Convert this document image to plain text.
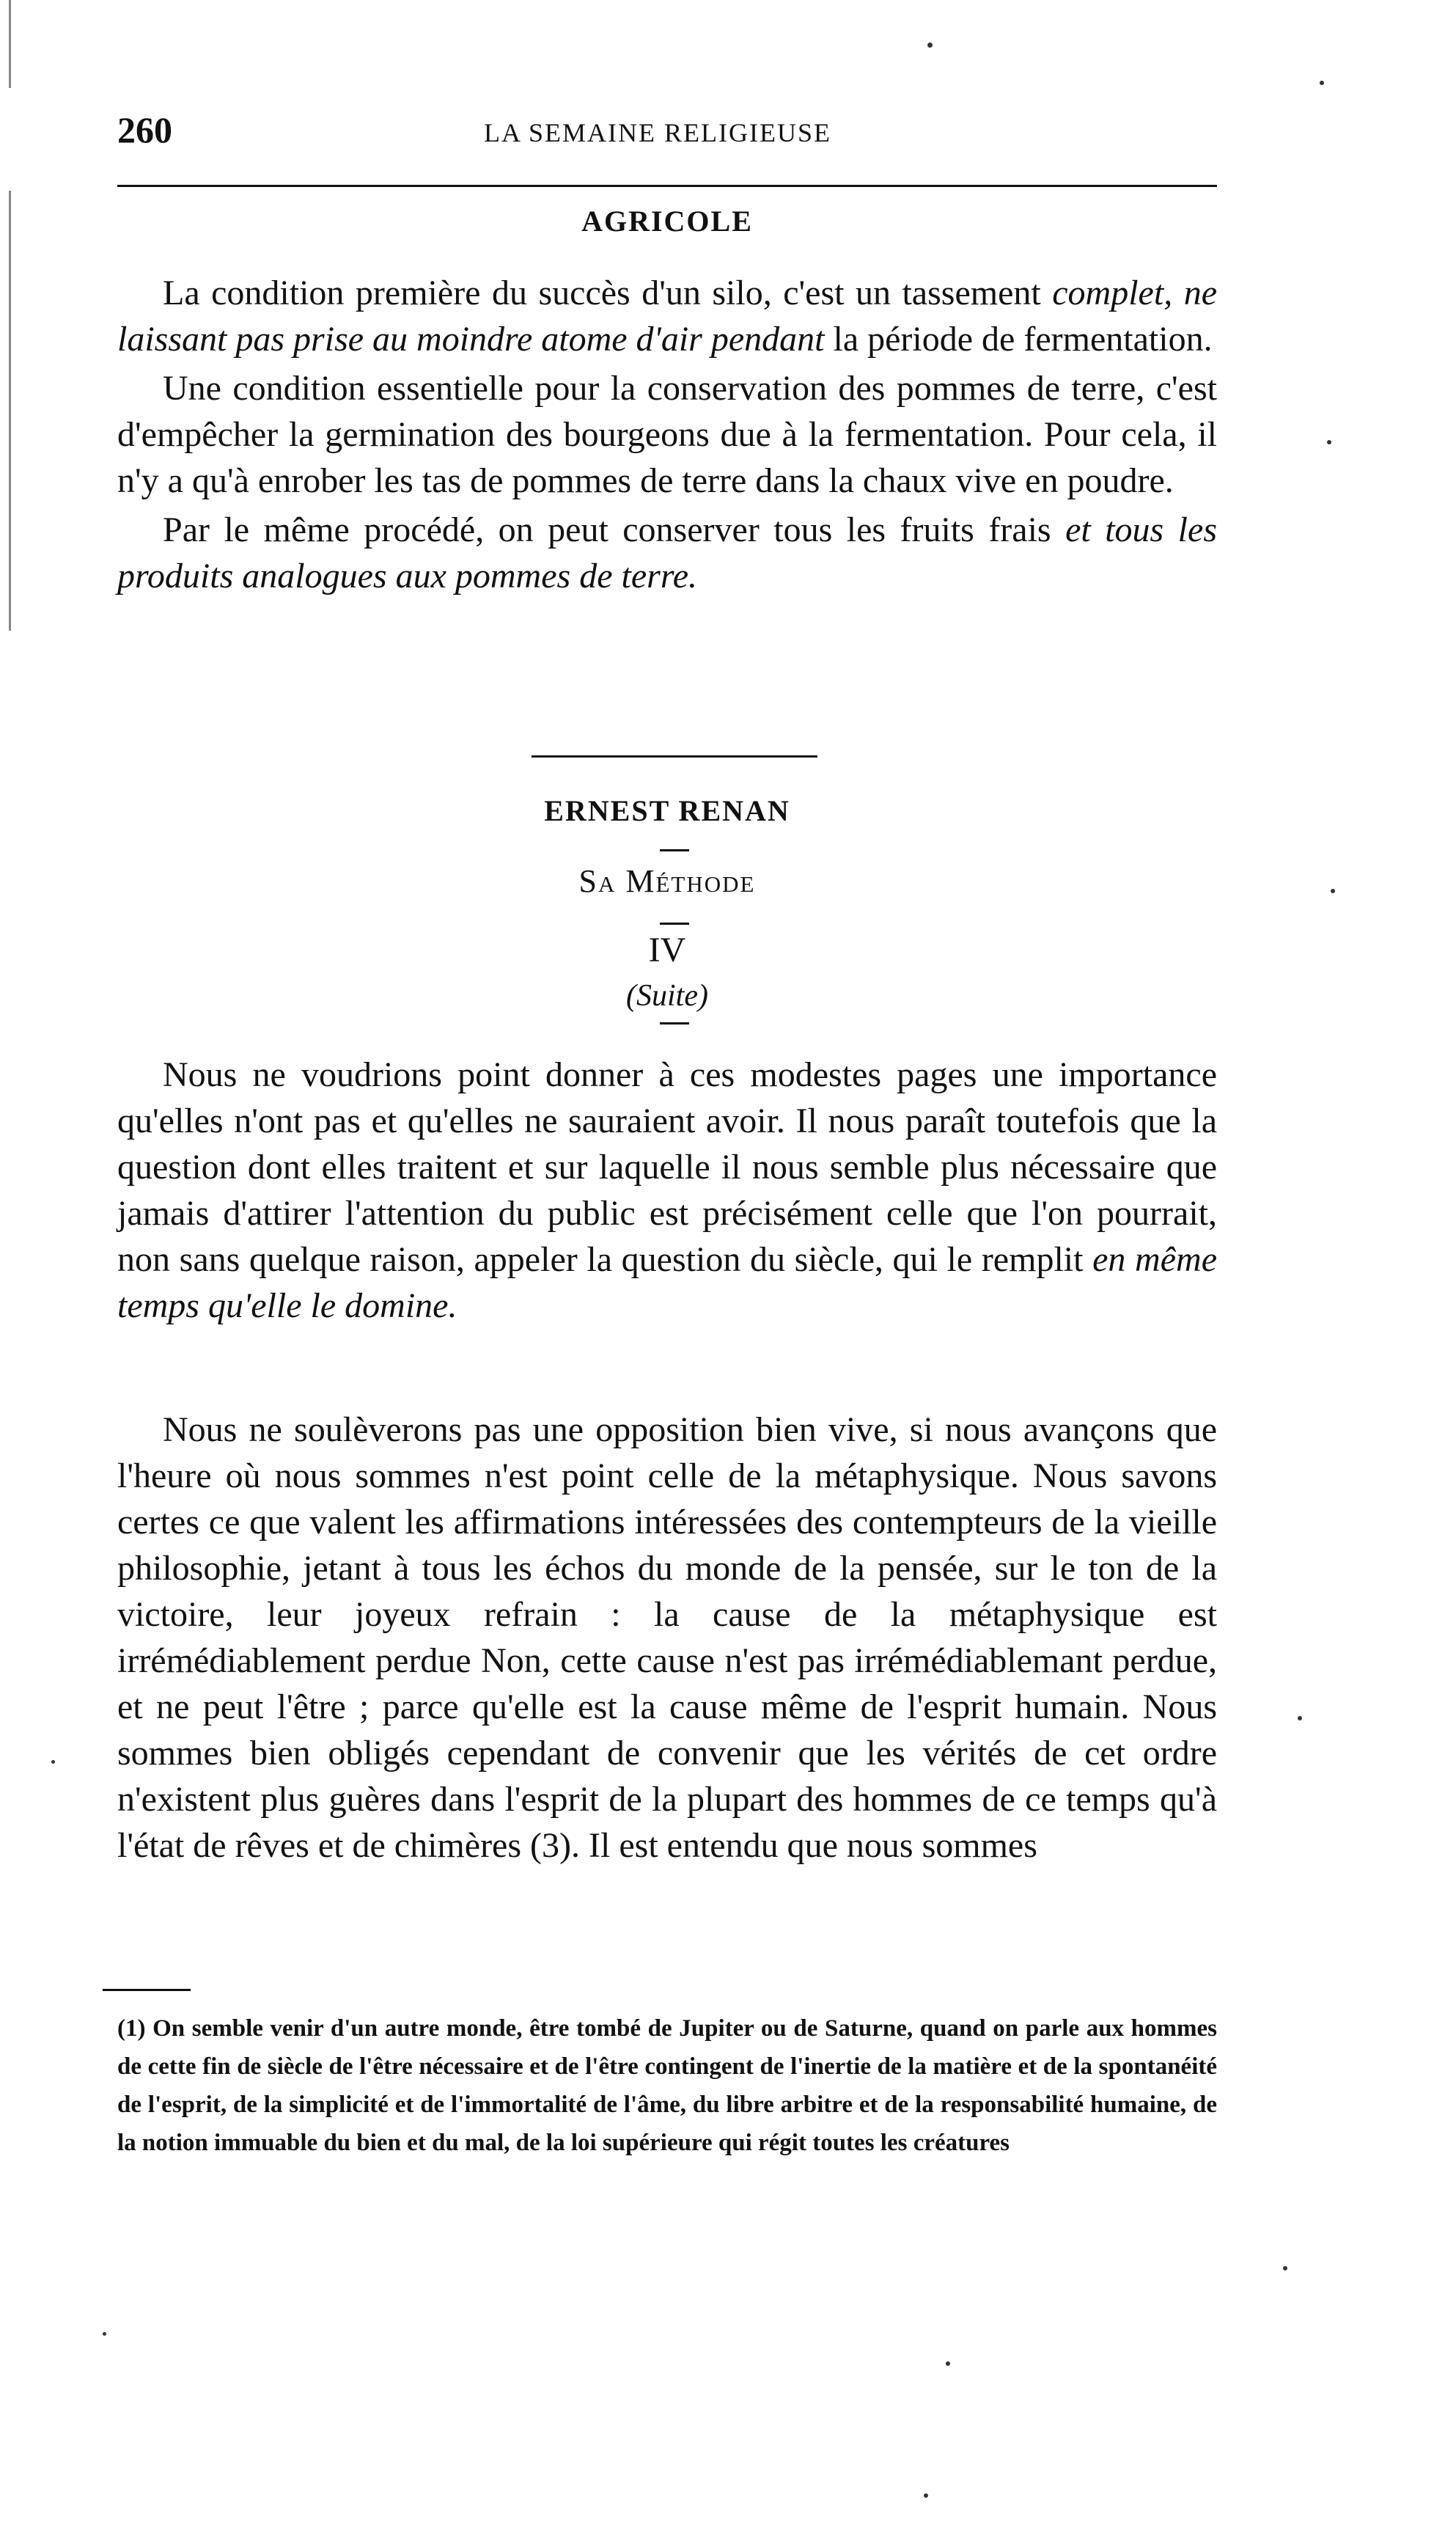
260	LA SEMAINE RELIGIEUSE
AGRICOLE

La condition première du succès d'un silo, c'est un tassement complet, ne laissant pas prise au moindre atome d'air pendant la période de fermentation.

Une condition essentielle pour la conservation des pommes de terre, c'est d'empêcher la germination des bourgeons due à la fermentation. Pour cela, il n'y a qu'à enrober les tas de pommes de terre dans la chaux vive en poudre.

Par le même procédé, on peut conserver tous les fruits frais et tous les produits analogues aux pommes de terre.

ERNEST RENAN
Sa Méthode
IV
(Suite)

Nous ne voudrions point donner à ces modestes pages une importance qu'elles n'ont pas et qu'elles ne sauraient avoir. Il nous paraît toutefois que la question dont elles traitent et sur laquelle il nous semble plus nécessaire que jamais d'attirer l'attention du public est précisément celle que l'on pourrait, non sans quelque raison, appeler la question du siècle, qui le remplit en même temps qu'elle le domine.

Nous ne soulèverons pas une opposition bien vive, si nous avançons que l'heure où nous sommes n'est point celle de la métaphysique. Nous savons certes ce que valent les affirmations intéressées des contempteurs de la vieille philosophie, jetant à tous les échos du monde de la pensée, sur le ton de la victoire, leur joyeux refrain : la cause de la métaphysique est irrémédiablement perdue Non, cette cause n'est pas irrémédiablemant perdue, et ne peut l'être ; parce qu'elle est la cause même de l'esprit humain. Nous sommes bien obligés cependant de convenir que les vérités de cet ordre n'existent plus guères dans l'esprit de la plupart des hommes de ce temps qu'à l'état de rêves et de chimères (3). Il est entendu que nous sommes

(1) On semble venir d'un autre monde, être tombé de Jupiter ou de Saturne, quand on parle aux hommes de cette fin de siècle de l'être nécessaire et de l'être contingent de l'inertie de la matière et de la spontanéité de l'esprit, de la simplicité et de l'immortalité de l'âme, du libre arbitre et de la responsabilité humaine, de la notion immuable du bien et du mal, de la loi supérieure qui régit toutes les créatures
